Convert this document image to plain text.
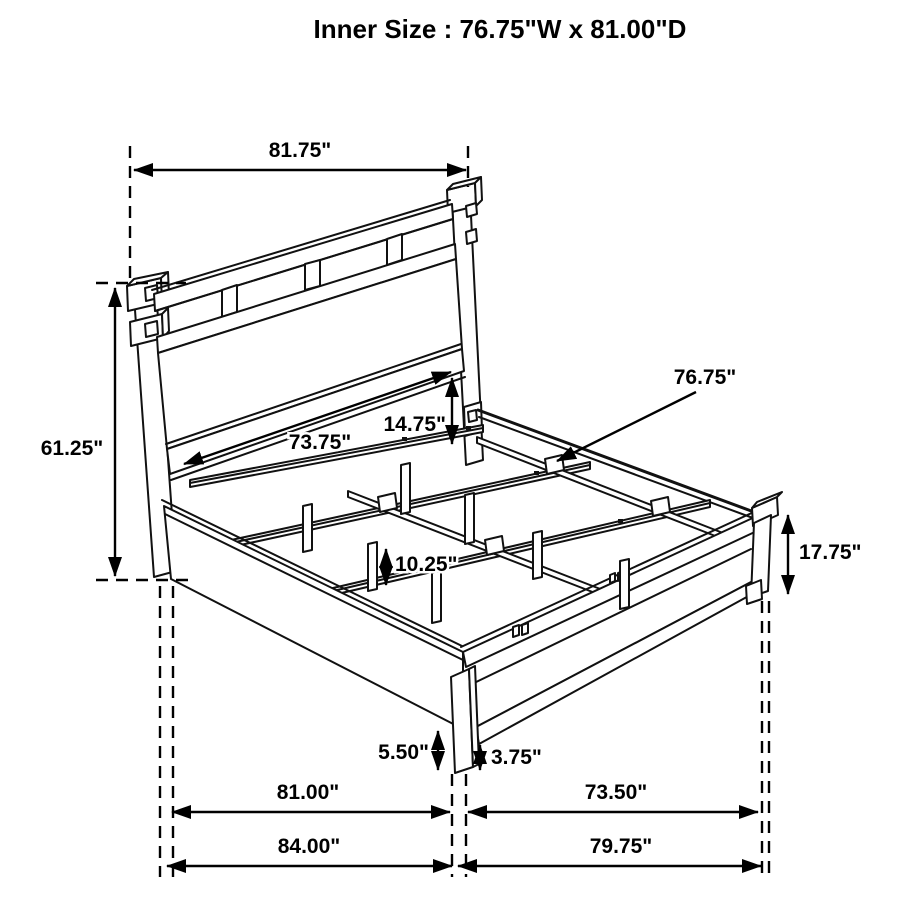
81.75"
61.25"	73.75"
14.75"
76.75"
17.75"
10.25"
5.50"	3.75"
81.00"	73.50"
84.00"	79.75"
Inner Size : 76.75"W x 81.00"D
